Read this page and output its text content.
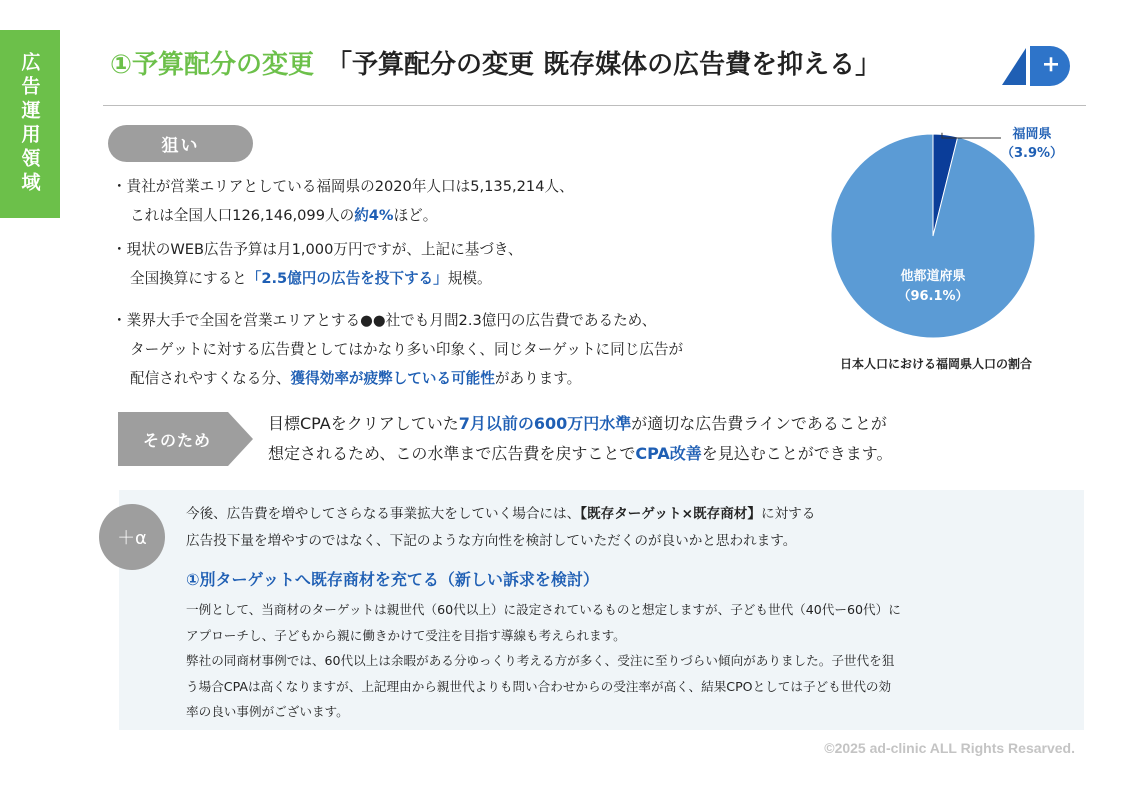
広告運用領域	①予算配分の変更 「予算配分の変更 既存媒体の広告費を抑える」
狙い
・貴社が営業エリアとしている福岡県の2020年人口は5,135,214人、
これは全国人口126,146,099人の約4%ほど。
・現状のWEB広告予算は月1,000万円ですが、上記に基づき、
全国換算にすると「2.5億円の広告を投下する」規模。
・業界大手で全国を営業エリアとする●●社でも月間2.3億円の広告費であるため、
ターゲットに対する広告費としてはかなり多い印象く、同じターゲットに同じ広告が
配信されやすくなる分、獲得効率が疲弊している可能性があります。
福岡県
（3.9%）
他都道府県
（96.1%）
日本人口における福岡県人口の割合
そのため
目標CPAをクリアしていた7月以前の600万円水準が適切な広告費ラインであることが
想定されるため、この水準まで広告費を戻すことでCPA改善を見込むことができます。
＋α
今後、広告費を増やしてさらなる事業拡大をしていく場合には、【既存ターゲット×既存商材】に対する
広告投下量を増やすのではなく、下記のような方向性を検討していただくのが良いかと思われます。
①別ターゲットへ既存商材を充てる（新しい訴求を検討）

一例として、当商材のターゲットは親世代（60代以上）に設定されているものと想定しますが、子ども世代（40代ー60代）に

アプローチし、子どもから親に働きかけて受注を目指す導線も考えられます。

弊社の同商材事例では、60代以上は余暇がある分ゆっくり考える方が多く、受注に至りづらい傾向がありました。子世代を狙

う場合CPAは高くなりますが、上記理由から親世代よりも問い合わせからの受注率が高く、結果CPOとしては子ども世代の効

率の良い事例がございます。

©2025 ad-clinic ALL Rights Resarved.
